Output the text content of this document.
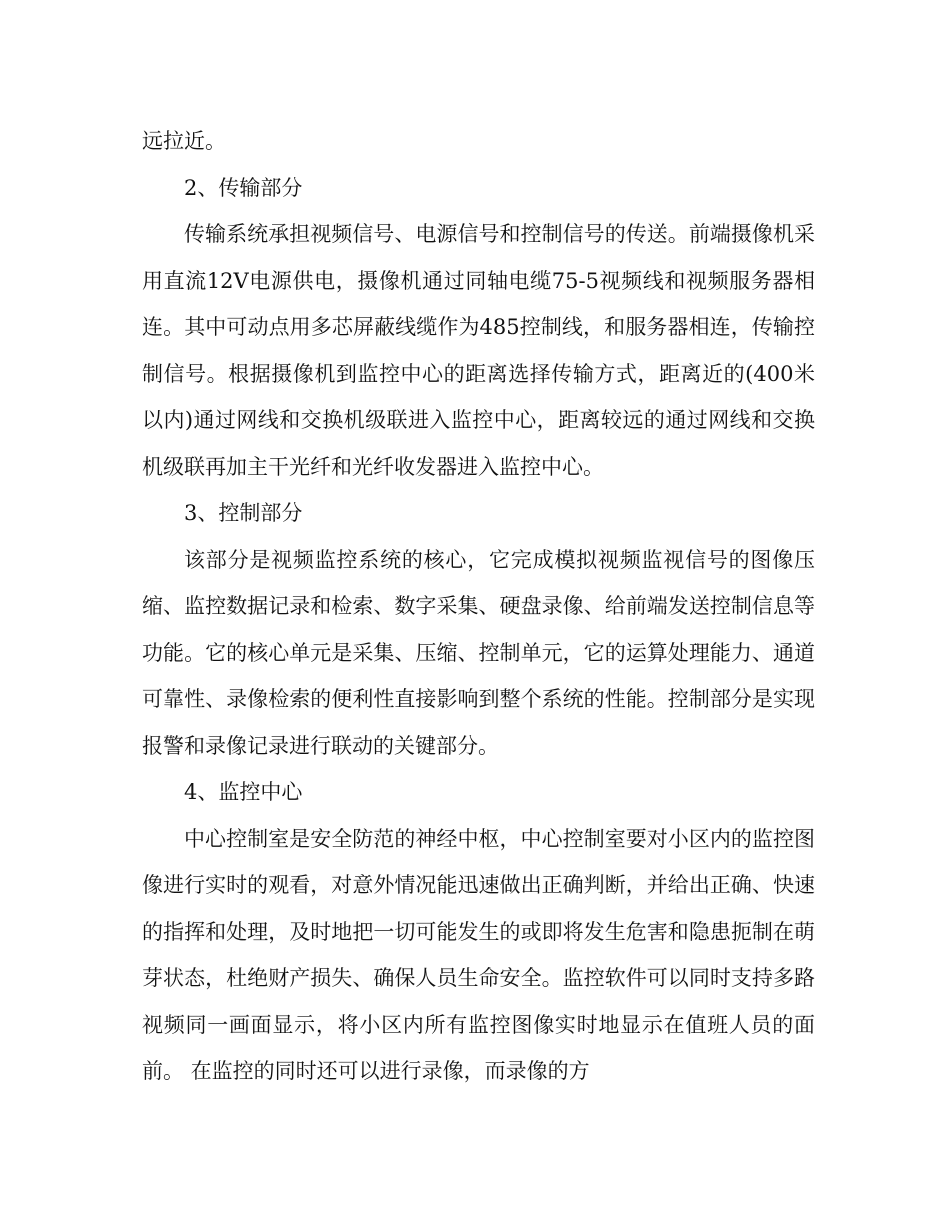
远拉近。

2、传输部分

传输系统承担视频信号、电源信号和控制信号的传送。前端摄像机采用直流12V电源供电，摄像机通过同轴电缆75-5视频线和视频服务器相连。其中可动点用多芯屏蔽线缆作为485控制线，和服务器相连，传输控制信号。根据摄像机到监控中心的距离选择传输方式，距离近的(400米以内)通过网线和交换机级联进入监控中心，距离较远的通过网线和交换机级联再加主干光纤和光纤收发器进入监控中心。

3、控制部分

该部分是视频监控系统的核心，它完成模拟视频监视信号的图像压缩、监控数据记录和检索、数字采集、硬盘录像、给前端发送控制信息等功能。它的核心单元是采集、压缩、控制单元，它的运算处理能力、通道可靠性、录像检索的便利性直接影响到整个系统的性能。控制部分是实现报警和录像记录进行联动的关键部分。

4、监控中心

中心控制室是安全防范的神经中枢，中心控制室要对小区内的监控图像进行实时的观看，对意外情况能迅速做出正确判断，并给出正确、快速的指挥和处理，及时地把一切可能发生的或即将发生危害和隐患扼制在萌芽状态，杜绝财产损失、确保人员生命安全。监控软件可以同时支持多路视频同一画面显示，将小区内所有监控图像实时地显示在值班人员的面前。 在监控的同时还可以进行录像，而录像的方
